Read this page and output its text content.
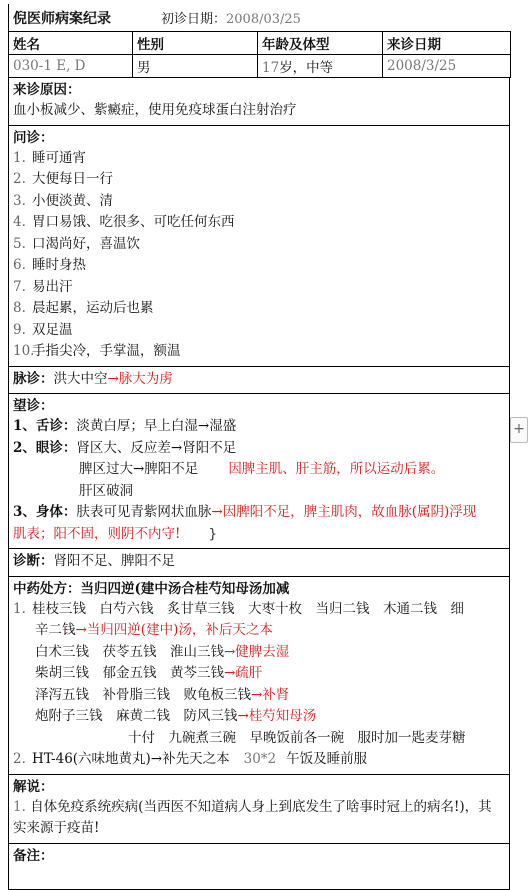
倪医师病案纪录	初诊日期：2008/03/25
姓名	性别	年龄及体型	来诊日期
030-1 E, D	男	17岁，中等	2008/3/25
来诊原因：
血小板减少、紫癜症，使用免疫球蛋白注射治疗
问诊：
1. 睡可通宵
2. 大便每日一行
3. 小便淡黄、清
4. 胃口易饿、吃很多、可吃任何东西
5. 口渴尚好，喜温饮
6. 睡时身热
7. 易出汗
8. 晨起累，运动后也累
9. 双足温
10.手指尖冷，手掌温，额温
脉诊：洪大中空→脉大为虏
望诊：
1、舌诊：淡黄白厚；早上白湿→湿盛
2、眼诊：肾区大、反应差→肾阳不足
脾区过大→脾阳不足 因脾主肌、肝主筋，所以运动后累。
肝区破洞
3、身体：肤表可见青紫网状血脉→因脾阳不足，脾主肌肉，故血脉(属阴)浮现
肌表；阳不固，则阴不内守! }
诊断：肾阳不足、脾阳不足
中药处方：当归四逆(建中汤合桂芍知母汤加减
1. 桂枝三钱　白芍六钱　炙甘草三钱　大枣十枚　当归二钱　木通二钱　细
辛二钱→当归四逆(建中)汤，补后天之本
白术三钱　茯苓五钱　淮山三钱→健脾去湿
柴胡三钱　郁金五钱　黄芩三钱→疏肝
泽泻五钱　补骨脂三钱　败龟板三钱→补肾
炮附子三钱　麻黄二钱　防风三钱→桂芍知母汤
十付　九碗煮三碗　早晚饭前各一碗　服时加一匙麦芽糖
2. HT-46(六味地黄丸)→补先天之本 30*2 午饭及睡前服
解说：
1. 自体免疫系统疾病(当西医不知道病人身上到底发生了啥事时冠上的病名!)，其实来源于疫苗!
备注：
+
